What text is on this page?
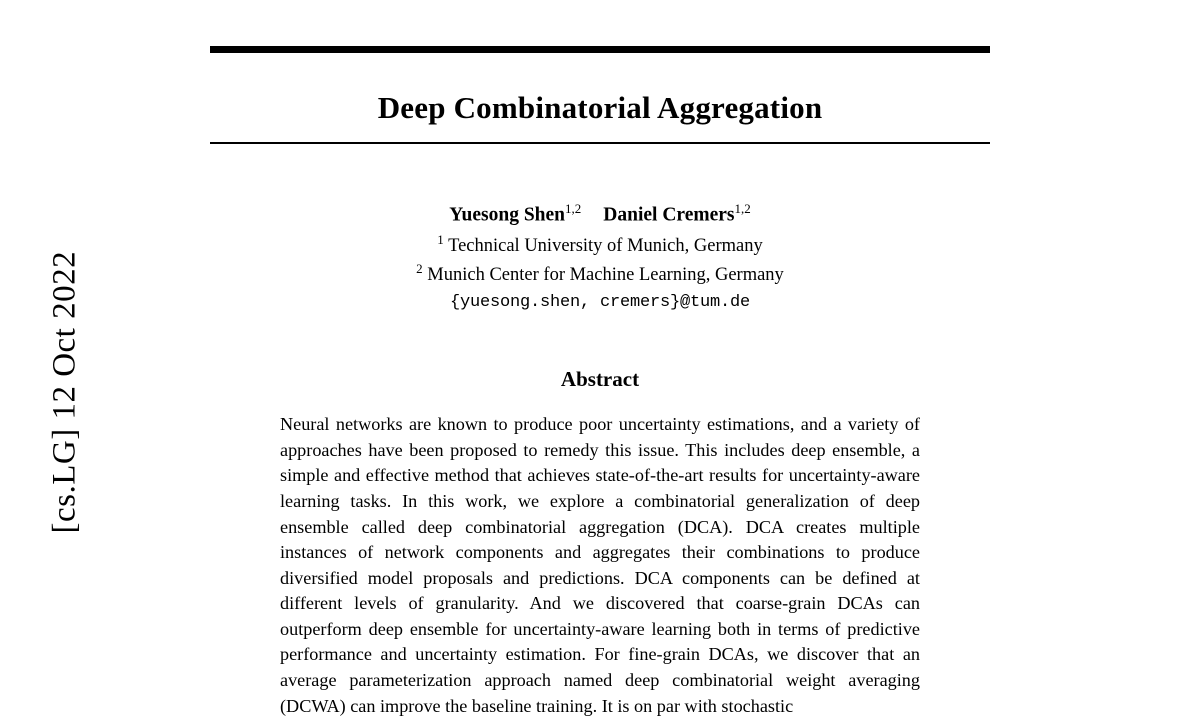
[cs.LG] 12 Oct 2022
Deep Combinatorial Aggregation
Yuesong Shen$^{1,2}$ Daniel Cremers$^{1,2}$
$^1$ Technical University of Munich, Germany
$^2$ Munich Center for Machine Learning, Germany
{yuesong.shen, cremers}@tum.de
Abstract

Neural networks are known to produce poor uncertainty estimations, and a variety of approaches have been proposed to remedy this issue. This includes deep ensemble, a simple and effective method that achieves state-of-the-art results for uncertainty-aware learning tasks. In this work, we explore a combinatorial generalization of deep ensemble called deep combinatorial aggregation (DCA). DCA creates multiple instances of network components and aggregates their combinations to produce diversified model proposals and predictions. DCA components can be defined at different levels of granularity. And we discovered that coarse-grain DCAs can outperform deep ensemble for uncertainty-aware learning both in terms of predictive performance and uncertainty estimation. For fine-grain DCAs, we discover that an average parameterization approach named deep combinatorial weight averaging (DCWA) can improve the baseline training. It is on par with stochastic
